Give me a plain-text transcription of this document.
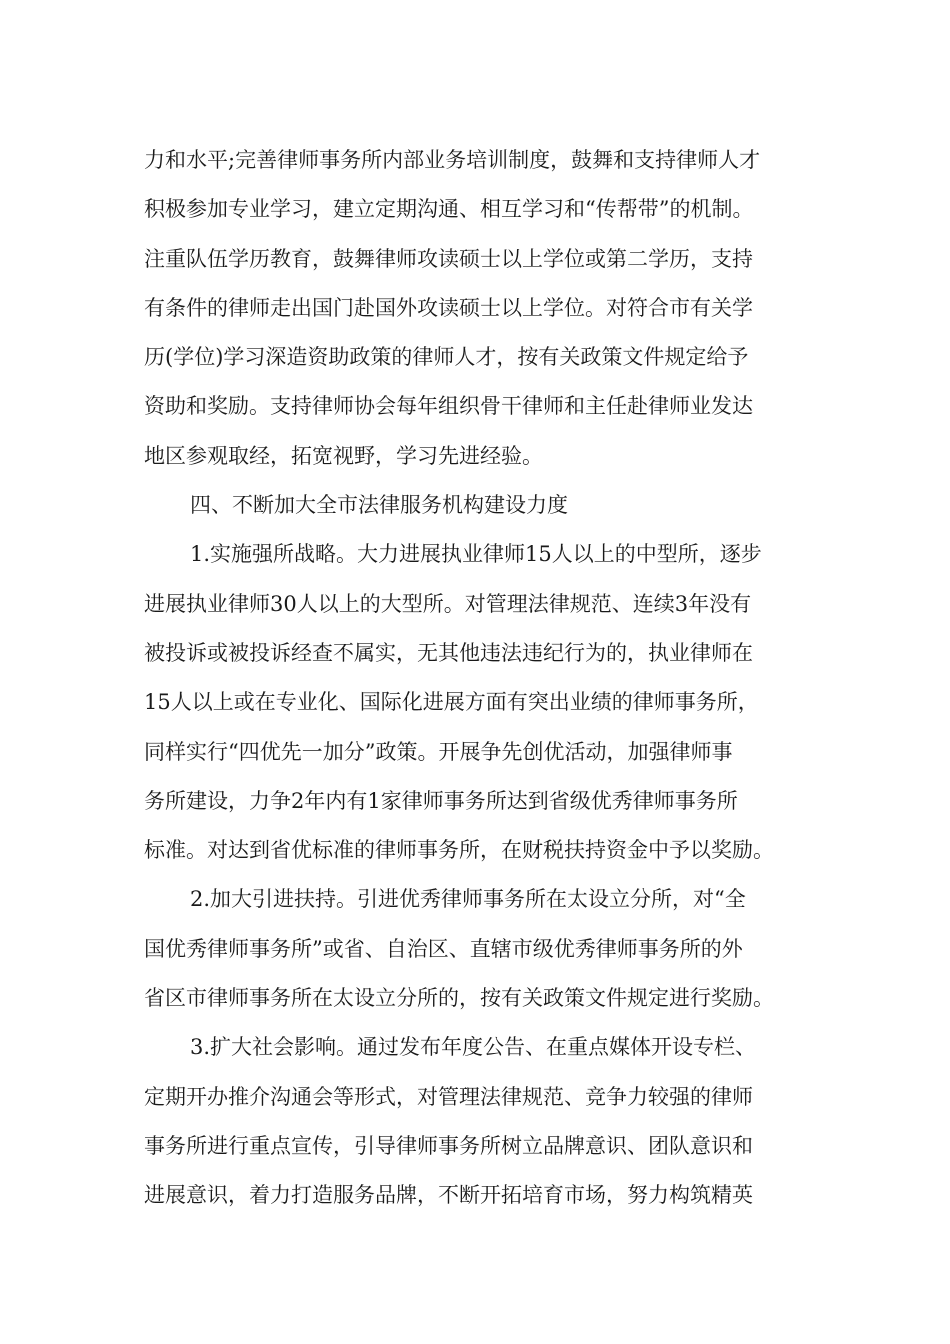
力和水平;完善律师事务所内部业务培训制度，鼓舞和支持律师人才
积极参加专业学习，建立定期沟通、相互学习和“传帮带”的机制。
注重队伍学历教育，鼓舞律师攻读硕士以上学位或第二学历，支持
有条件的律师走出国门赴国外攻读硕士以上学位。对符合市有关学
历(学位)学习深造资助政策的律师人才，按有关政策文件规定给予
资助和奖励。支持律师协会每年组织骨干律师和主任赴律师业发达
地区参观取经，拓宽视野，学习先进经验。
四、不断加大全市法律服务机构建设力度
1.实施强所战略。大力进展执业律师15人以上的中型所，逐步
进展执业律师30人以上的大型所。对管理法律规范、连续3年没有
被投诉或被投诉经查不属实，无其他违法违纪行为的，执业律师在
15人以上或在专业化、国际化进展方面有突出业绩的律师事务所，
同样实行“四优先一加分”政策。开展争先创优活动，加强律师事
务所建设，力争2年内有1家律师事务所达到省级优秀律师事务所
标准。对达到省优标准的律师事务所，在财税扶持资金中予以奖励。
2.加大引进扶持。引进优秀律师事务所在太设立分所，对“全
国优秀律师事务所”或省、自治区、直辖市级优秀律师事务所的外
省区市律师事务所在太设立分所的，按有关政策文件规定进行奖励。
3.扩大社会影响。通过发布年度公告、在重点媒体开设专栏、
定期开办推介沟通会等形式，对管理法律规范、竞争力较强的律师
事务所进行重点宣传，引导律师事务所树立品牌意识、团队意识和
进展意识，着力打造服务品牌，不断开拓培育市场，努力构筑精英
